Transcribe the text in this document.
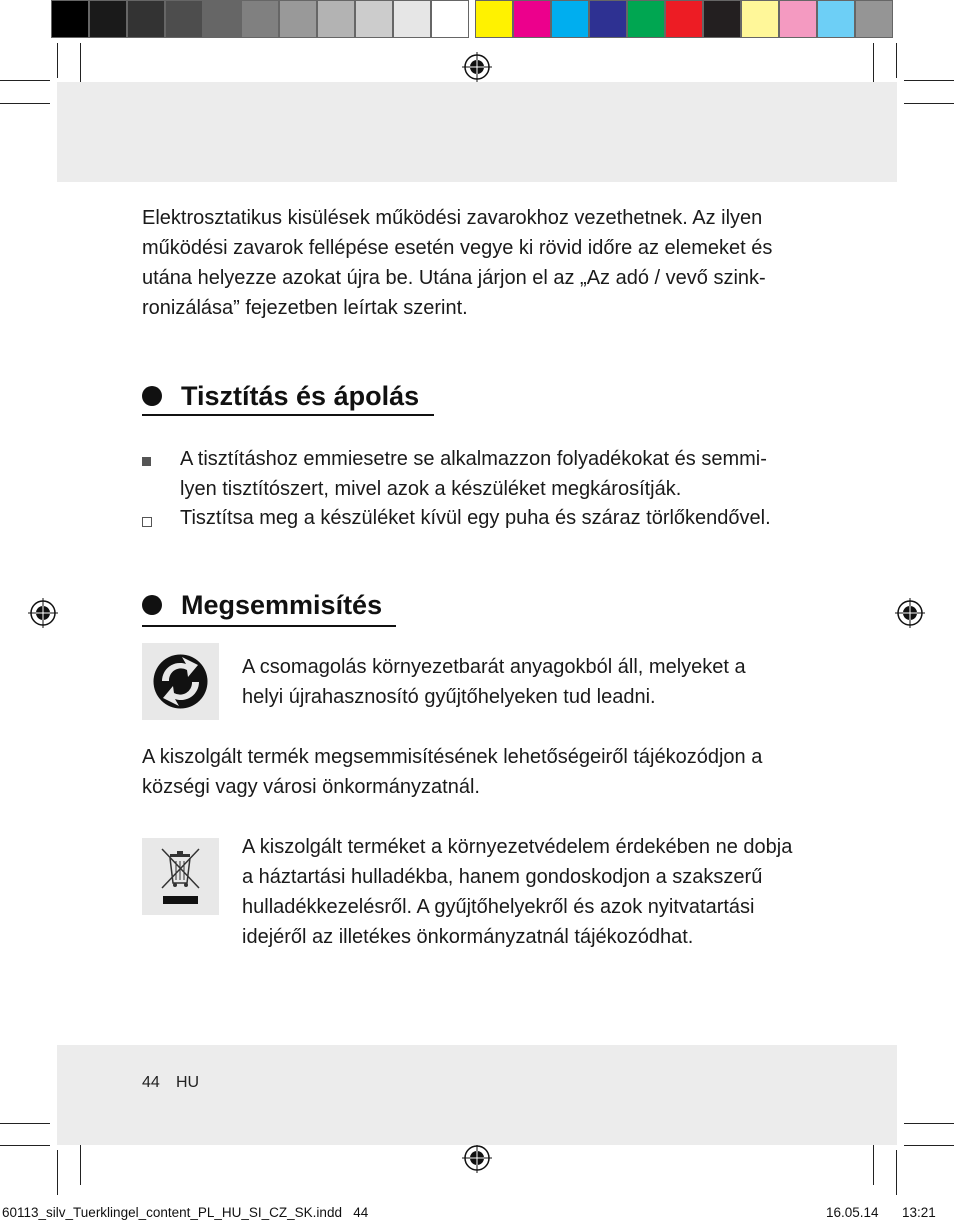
Elektrosztatikus kisülések működési zavarokhoz vezethetnek. Az ilyen
működési zavarok fellépése esetén vegye ki rövid időre az elemeket és
utána helyezze azokat újra be. Utána járjon el az „Az adó / vevő szink-
ronizálása” fejezetben leírtak szerint.
Tisztítás és ápolás
A tisztításhoz emmiesetre se alkalmazzon folyadékokat és semmi-
lyen tisztítószert, mivel azok a készüléket megkárosítják.
Tisztítsa meg a készüléket kívül egy puha és száraz törlőkendővel.
Megsemmisítés
A csomagolás környezetbarát anyagokból áll, melyeket a
helyi újrahasznosító gyűjtőhelyeken tud leadni.
A kiszolgált termék megsemmisítésének lehetőségeiről tájékozódjon a
községi vagy városi önkormányzatnál.
A kiszolgált terméket a környezetvédelem érdekében ne dobja
a háztartási hulladékba, hanem gondoskodjon a szakszerű
hulladékkezelésről. A gyűjtőhelyekről és azok nyitvatartási
idejéről az illetékes önkormányzatnál tájékozódhat.
44 HU
60113_silv_Tuerklingel_content_PL_HU_SI_CZ_SK.indd   44	16.05.14 13:21
